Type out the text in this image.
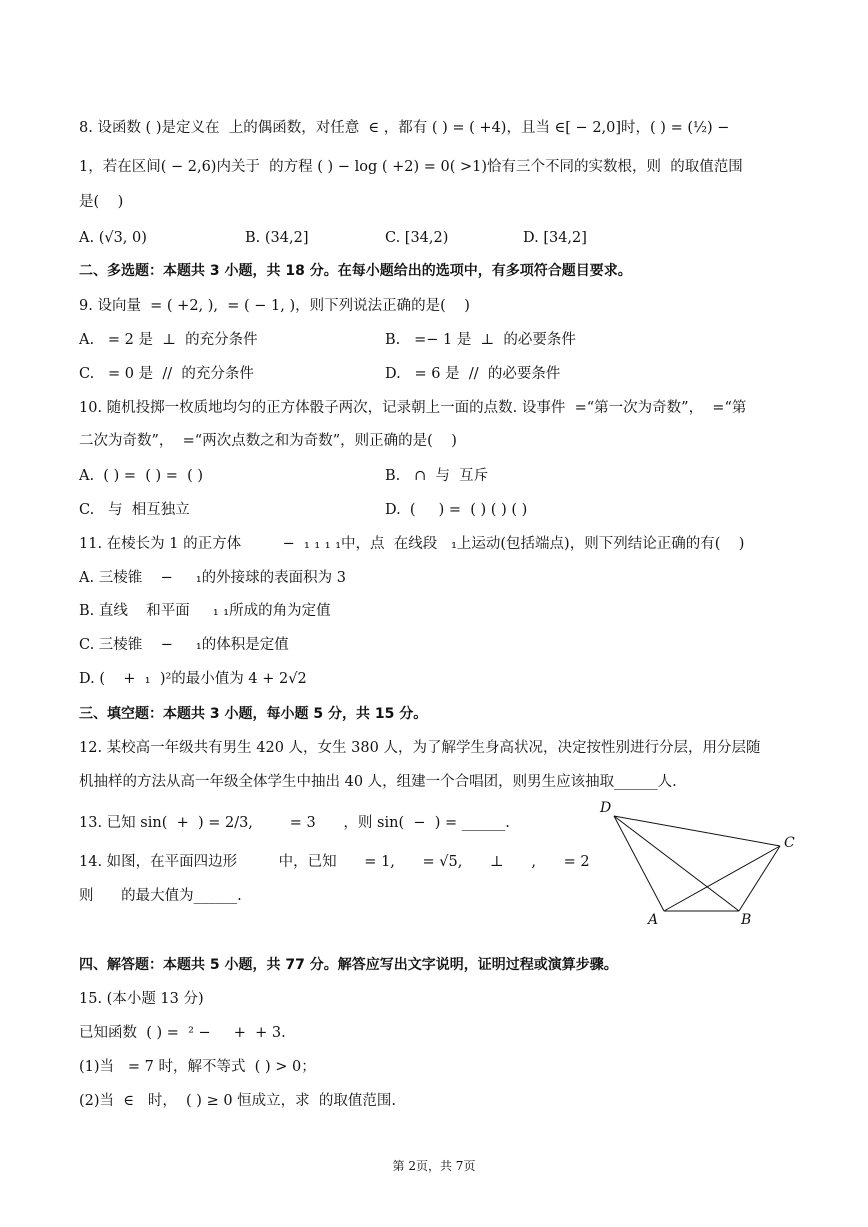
8. 设函数 ( )是定义在  上的偶函数，对任意  ∈ ，都有 ( ) = ( +4)，且当 ∈[ − 2,0]时，( ) = (½) −
1，若在区间( − 2,6)内关于  的方程 ( ) − log ( +2) = 0( >1)恰有三个不同的实数根，则  的取值范围
是(    )
A. (√3, 0)	B. (34,2]	C. [34,2)	D. [34,2]
二、多选题：本题共 3 小题，共 18 分。在每小题给出的选项中，有多项符合题目要求。
9. 设向量  = ( +2, ),  = ( − 1, )，则下列说法正确的是(    )
A.   = 2 是  ⊥  的充分条件	B.   =− 1 是  ⊥  的必要条件
C.   = 0 是  //  的充分条件	D.   = 6 是  //  的必要条件
10. 随机投掷一枚质地均匀的正方体骰子两次，记录朝上一面的点数. 设事件  =“第一次为奇数”，  =“第
二次为奇数”，  =“两次点数之和为奇数”，则正确的是(    )
A.  ( ) =  ( ) =  ( )	B.   ∩  与  互斥
C.   与  相互独立	D.  (     ) =  ( ) ( ) ( )
11. 在棱长为 1 的正方体         −  ₁ ₁ ₁ ₁中，点  在线段   ₁上运动(包括端点)，则下列结论正确的有(    )
A. 三棱锥    −     ₁的外接球的表面积为 3
B. 直线    和平面     ₁ ₁所成的角为定值
C. 三棱锥    −     ₁的体积是定值
D. (    +  ₁  )²的最小值为 4 + 2√2
三、填空题：本题共 3 小题，每小题 5 分，共 15 分。
12. 某校高一年级共有男生 420 人，女生 380 人，为了解学生身高状况，决定按性别进行分层，用分层随
机抽样的方法从高一年级全体学生中抽出 40 人，组建一个合唱团，则男生应该抽取______人.
13. 已知 sin(  +  ) = 2/3,        = 3      ，则 sin(  −  ) = ______.
14. 如图，在平面四边形         中，已知      = 1,      = √5,      ⊥      ,      = 2
则      的最大值为______.
D
C
A	B
四、解答题：本题共 5 小题，共 77 分。解答应写出文字说明，证明过程或演算步骤。
15. (本小题 13 分)
已知函数  ( ) =  ² −     +  + 3.
(1)当   = 7 时，解不等式  ( ) > 0；
(2)当  ∈   时，  ( ) ≥ 0 恒成立，求  的取值范围.
第 2页，共 7页
